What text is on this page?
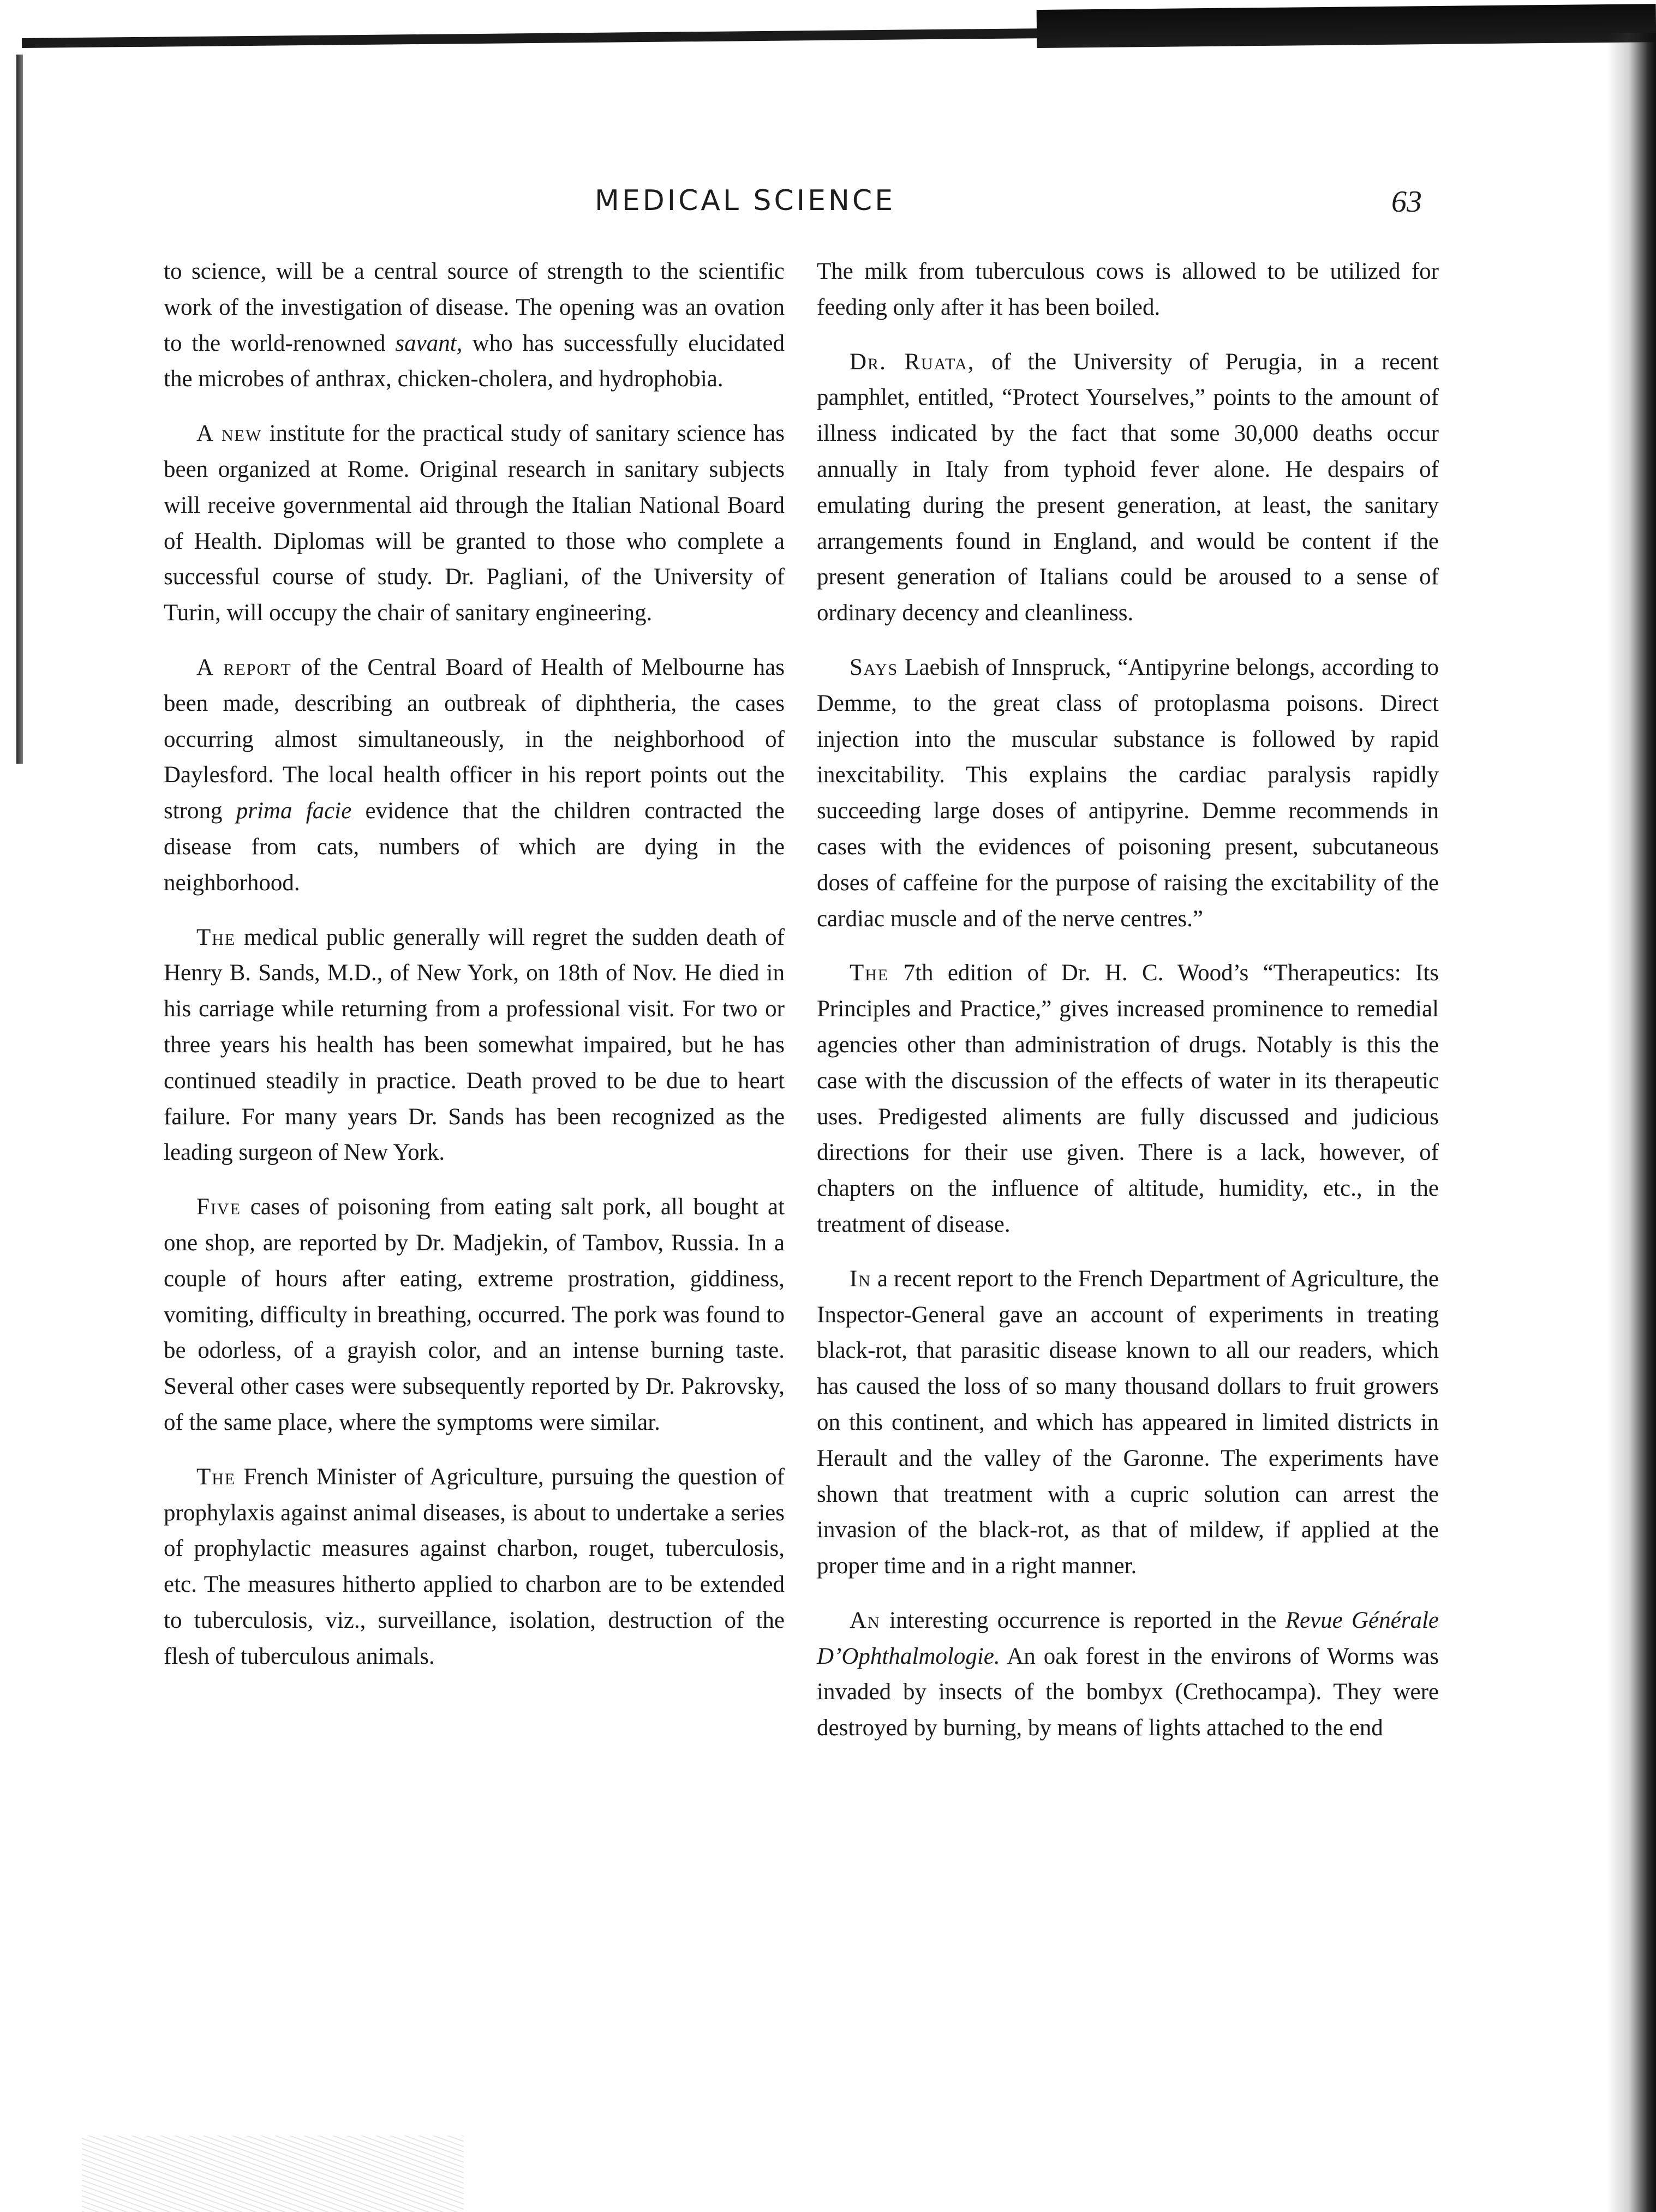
MEDICAL SCIENCE	63

to science, will be a central source of strength to the scientific work of the investigation of disease. The opening was an ovation to the world-renowned savant, who has successfully elucidated the microbes of anthrax, chicken-cholera, and hydrophobia.

A new institute for the practical study of sanitary science has been organized at Rome. Original research in sanitary subjects will receive governmental aid through the Italian National Board of Health. Diplomas will be granted to those who complete a successful course of study. Dr. Pagliani, of the University of Turin, will occupy the chair of sanitary engineering.

A report of the Central Board of Health of Melbourne has been made, describing an outbreak of diphtheria, the cases occurring almost simultaneously, in the neighborhood of Daylesford. The local health officer in his report points out the strong prima facie evidence that the children contracted the disease from cats, numbers of which are dying in the neighborhood.

The medical public generally will regret the sudden death of Henry B. Sands, M.D., of New York, on 18th of Nov. He died in his carriage while returning from a professional visit. For two or three years his health has been somewhat impaired, but he has continued steadily in practice. Death proved to be due to heart failure. For many years Dr. Sands has been recognized as the leading surgeon of New York.

Five cases of poisoning from eating salt pork, all bought at one shop, are reported by Dr. Madjekin, of Tambov, Russia. In a couple of hours after eating, extreme prostration, giddiness, vomiting, difficulty in breathing, occurred. The pork was found to be odorless, of a grayish color, and an intense burning taste. Several other cases were subsequently reported by Dr. Pakrovsky, of the same place, where the symptoms were similar.

The French Minister of Agriculture, pursuing the question of prophylaxis against animal diseases, is about to undertake a series of prophylactic measures against charbon, rouget, tuberculosis, etc. The measures hitherto applied to charbon are to be extended to tuberculosis, viz., surveillance, isolation, destruction of the flesh of tuberculous animals.

The milk from tuberculous cows is allowed to be utilized for feeding only after it has been boiled.

Dr. Ruata, of the University of Perugia, in a recent pamphlet, entitled, “Protect Yourselves,” points to the amount of illness indicated by the fact that some 30,000 deaths occur annually in Italy from typhoid fever alone. He despairs of emulating during the present generation, at least, the sanitary arrangements found in England, and would be content if the present generation of Italians could be aroused to a sense of ordinary decency and cleanliness.

Says Laebish of Innspruck, “Antipyrine belongs, according to Demme, to the great class of protoplasma poisons. Direct injection into the muscular substance is followed by rapid inexcitability. This explains the cardiac paralysis rapidly succeeding large doses of antipyrine. Demme recommends in cases with the evidences of poisoning present, subcutaneous doses of caffeine for the purpose of raising the excitability of the cardiac muscle and of the nerve centres.”

The 7th edition of Dr. H. C. Wood’s “Therapeutics: Its Principles and Practice,” gives increased prominence to remedial agencies other than administration of drugs. Notably is this the case with the discussion of the effects of water in its therapeutic uses. Predigested aliments are fully discussed and judicious directions for their use given. There is a lack, however, of chapters on the influence of altitude, humidity, etc., in the treatment of disease.

In a recent report to the French Department of Agriculture, the Inspector-General gave an account of experiments in treating black-rot, that parasitic disease known to all our readers, which has caused the loss of so many thousand dollars to fruit growers on this continent, and which has appeared in limited districts in Herault and the valley of the Garonne. The experiments have shown that treatment with a cupric solution can arrest the invasion of the black-rot, as that of mildew, if applied at the proper time and in a right manner.

An interesting occurrence is reported in the Revue Générale D’Ophthalmologie. An oak forest in the environs of Worms was invaded by insects of the bombyx (Crethocampa). They were destroyed by burning, by means of lights attached to the end
